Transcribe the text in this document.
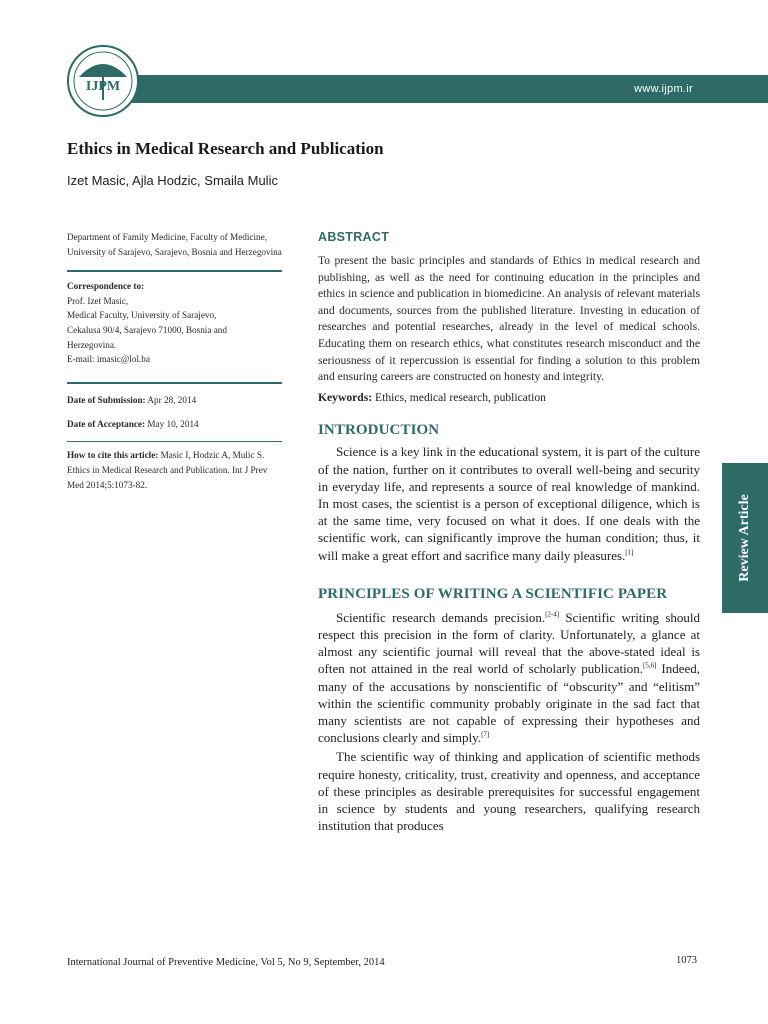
www.ijpm.ir
IJPM
Ethics in Medical Research and Publication
Izet Masic, Ajla Hodzic, Smaila Mulic

Department of Family Medicine, Faculty of Medicine, University of Sarajevo, Sarajevo, Bosnia and Herzegovina

Correspondence to:

Prof. Izet Masic,

Medical Faculty, University of Sarajevo,

Cekalusa 90/4, Sarajevo 71000, Bosnia and

Herzegovina.

E-mail: imasic@lol.ba

Date of Submission: Apr 28, 2014

Date of Acceptance: May 10, 2014

How to cite this article: Masic I, Hodzic A, Mulic S. Ethics in Medical Research and Publication. Int J Prev Med 2014;5:1073-82.

ABSTRACT

To present the basic principles and standards of Ethics in medical research and publishing, as well as the need for continuing education in the principles and ethics in science and publication in biomedicine. An analysis of relevant materials and documents, sources from the published literature. Investing in education of researches and potential researches, already in the level of medical schools. Educating them on research ethics, what constitutes research misconduct and the seriousness of it repercussion is essential for finding a solution to this problem and ensuring careers are constructed on honesty and integrity.

Keywords: Ethics, medical research, publication

INTRODUCTION

Science is a key link in the educational system, it is part of the culture of the nation, further on it contributes to overall well-being and security in everyday life, and represents a source of real knowledge of mankind. In most cases, the scientist is a person of exceptional diligence, which is at the same time, very focused on what it does. If one deals with the scientific work, can significantly improve the human condition; thus, it will make a great effort and sacrifice many daily pleasures.[1]

PRINCIPLES OF WRITING A SCIENTIFIC PAPER

Scientific research demands precision.[2-4] Scientific writing should respect this precision in the form of clarity. Unfortunately, a glance at almost any scientific journal will reveal that the above-stated ideal is often not attained in the real world of scholarly publication.[5,6] Indeed, many of the accusations by nonscientific of “obscurity” and “elitism” within the scientific community probably originate in the sad fact that many scientists are not capable of expressing their hypotheses and conclusions clearly and simply.[7]

The scientific way of thinking and application of scientific methods require honesty, criticality, trust, creativity and openness, and acceptance of these principles as desirable prerequisites for successful engagement in science by students and young researchers, qualifying research institution that produces

Review Article
International Journal of Preventive Medicine, Vol 5, No 9, September, 2014	1073
